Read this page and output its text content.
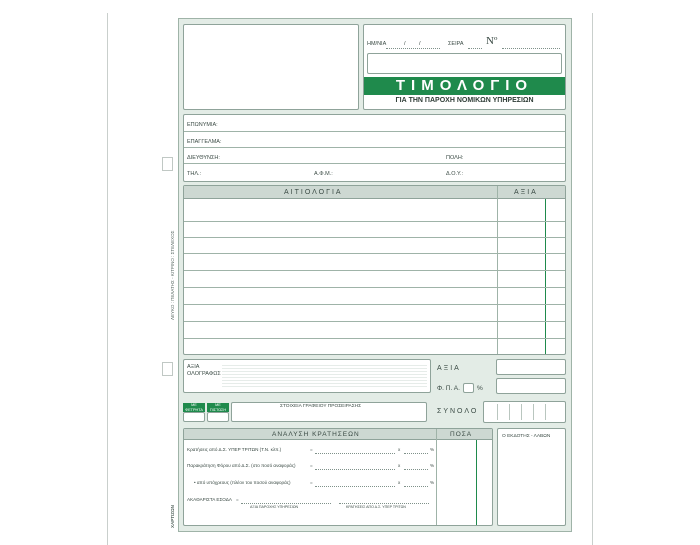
ΛΕΥΚΟ : ΠΕΛΑΤΗΣ - ΚΙΤΡΙΝΟ : ΣΤΕΛΕΧΟΣ
ΧΑΡΤΙΖΩΝ
ΗΜ/ΝΙΑ	/ /	ΣΕΙΡΑ Nº
ΤΙΜΟΛΟΓΙΟ
ΓΙΑ ΤΗΝ ΠΑΡΟΧΗ ΝΟΜΙΚΩΝ ΥΠΗΡΕΣΙΩΝ
ΕΠΩΝΥΜΙΑ:
ΕΠΑΓΓΕΛΜΑ:
ΔΙΕΥΘΥΝΣΗ:	ΠΟΛΗ:
ΤΗΛ.:	Α.Φ.Μ.:	Δ.Ο.Υ.:
ΑΙΤΙΟΛΟΓΙΑ	ΑΞΙΑ
ΑΞΙΑ
ΟΛΟΓΡΑΦΩΣ
ΑΞΙΑ
Φ. Π. Α.	%
ΜΕ ΦΕΤΡΗΤΑ
ΜΕ ΠΙΣΤΩΣΗ
ΣΤΟΙΧΕΙΑ ΓΡΑΦΕΙΟΥ ΠΡΟΣΕΙΡΑΣΗΣ
ΣΥΝΟΛΟ
ΑΝΑΛΥΣΗ ΚΡΑΤΗΣΕΩΝ	ΠΟΣΑ
Κρατήσεις από Δ.Σ. ΥΠΕΡ ΤΡΙΤΩΝ (Τ.Ν. κλπ.)	=	x	%
Παρακράτηση Φόρου από Δ.Σ. (στο ποσό αναφοράς)	=	x	%
• από υπόχρεους (πλέον του ποσού αναφοράς)	=	x	%
ΑΚΑΘΑΡΙΣΤΑ ΕΣΟΔΑ =
ΑΞΙΑ ΠΑΡΟΧΗΣ ΥΠΗΡΕΣΙΩΝ	ΚΡΑΤΗΣΕΙΣ ΑΠΟ Δ.Σ. ΥΠΕΡ ΤΡΙΤΩΝ
Ο ΕΚΔΟΤΗΣ - ΛΑΒΩΝ
